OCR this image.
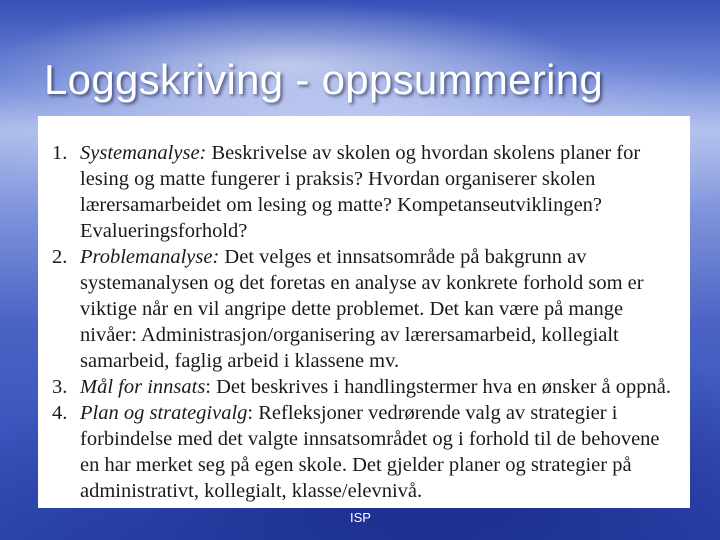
Loggskriving - oppsummering
1. Systemanalyse: Beskrivelse av skolen og hvordan skolens planer for lesing og matte fungerer i praksis? Hvordan organiserer skolen lærersamarbeidet om lesing og matte? Kompetanseutviklingen? Evalueringsforhold?
2. Problemanalyse: Det velges et innsatsområde på bakgrunn av systemanalysen og det foretas en analyse av konkrete forhold som er viktige når en vil angripe dette problemet. Det kan være på mange nivåer: Administrasjon/organisering av lærersamarbeid, kollegialt samarbeid, faglig arbeid i klassene mv.
3. Mål for innsats: Det beskrives i handlingstermer hva en ønsker å oppnå.
4. Plan og strategivalg: Refleksjoner vedrørende valg av strategier i forbindelse med det valgte innsatsområdet og i forhold til de behovene en har merket seg på egen skole. Det gjelder planer og strategier på administrativt, kollegialt, klasse/elevnivå.
ISP
